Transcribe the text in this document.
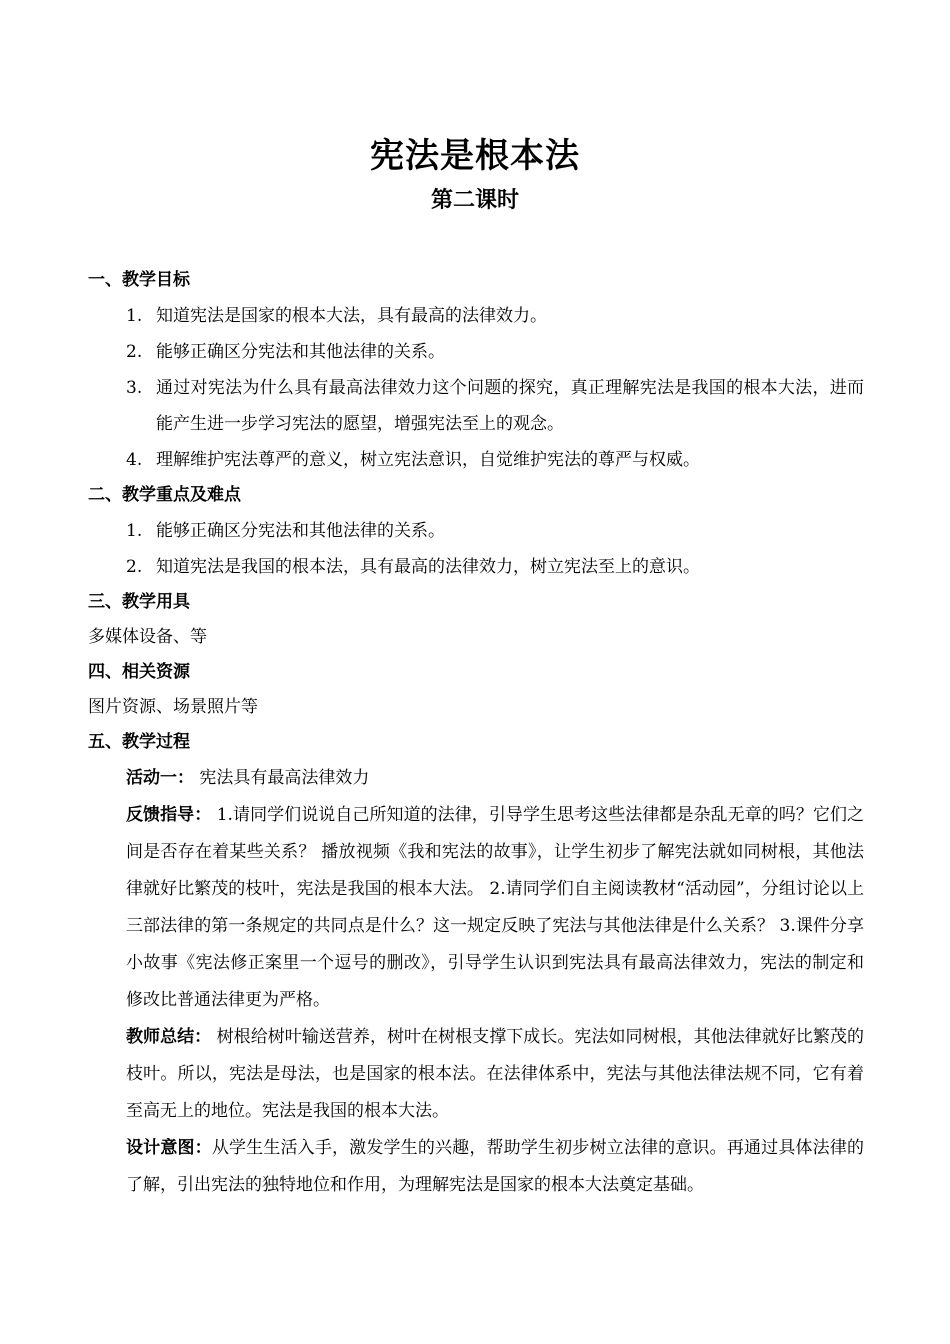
宪法是根本法
第二课时
一、教学目标
1. 知道宪法是国家的根本大法，具有最高的法律效力。
2. 能够正确区分宪法和其他法律的关系。
3. 通过对宪法为什么具有最高法律效力这个问题的探究，真正理解宪法是我国的根本大法，进而能产生进一步学习宪法的愿望，增强宪法至上的观念。
4. 理解维护宪法尊严的意义，树立宪法意识，自觉维护宪法的尊严与权威。
二、教学重点及难点
1. 能够正确区分宪法和其他法律的关系。
2. 知道宪法是我国的根本法，具有最高的法律效力，树立宪法至上的意识。
三、教学用具
多媒体设备、等
四、相关资源
图片资源、场景照片等
五、教学过程
活动一： 宪法具有最高法律效力
反馈指导： 1.请同学们说说自己所知道的法律，引导学生思考这些法律都是杂乱无章的吗？它们之间是否存在着某些关系？ 播放视频《我和宪法的故事》，让学生初步了解宪法就如同树根，其他法律就好比繁茂的枝叶，宪法是我国的根本大法。 2.请同学们自主阅读教材“活动园”，分组讨论以上三部法律的第一条规定的共同点是什么？这一规定反映了宪法与其他法律是什么关系？ 3.课件分享小故事《宪法修正案里一个逗号的删改》，引导学生认识到宪法具有最高法律效力，宪法的制定和修改比普通法律更为严格。
教师总结： 树根给树叶输送营养，树叶在树根支撑下成长。宪法如同树根，其他法律就好比繁茂的枝叶。所以，宪法是母法，也是国家的根本法。在法律体系中，宪法与其他法律法规不同，它有着至高无上的地位。宪法是我国的根本大法。
设计意图：从学生生活入手，激发学生的兴趣，帮助学生初步树立法律的意识。再通过具体法律的了解，引出宪法的独特地位和作用，为理解宪法是国家的根本大法奠定基础。
